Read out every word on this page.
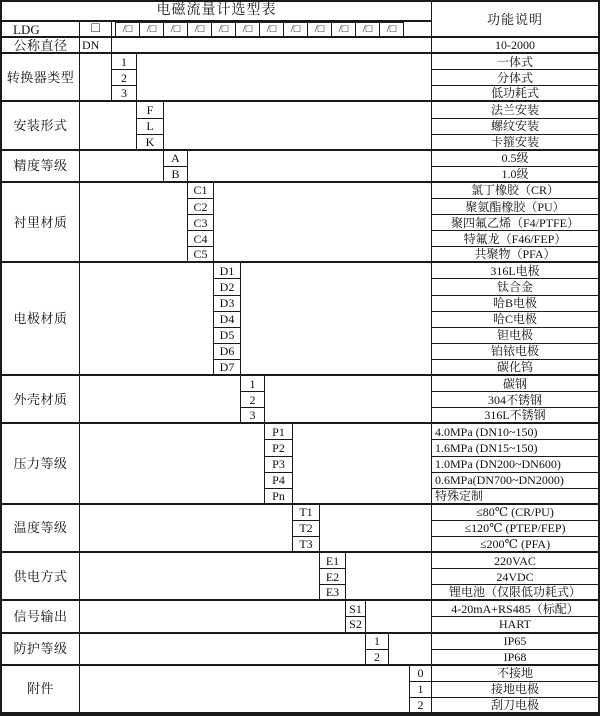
电磁流量计选型表
功能说明
LDG	□	/□	/□	/□	/□	/□	/□	/□	/□	/□	/□	/□	/□
公称直径	DN	10-2000
转换器类型
1	一体式
2	分体式
3	低功耗式
安装形式
F	法兰安装
L	螺纹安装
K	卡箍安装
精度等级
A	0.5级
B	1.0级
衬里材质
C1	氯丁橡胶（CR）
C2	聚氨酯橡胶（PU）
C3	聚四氟乙烯（F4/PTFE）
C4	特氟龙（F46/FEP）
C5	共聚物（PFA）
电极材质
D1	316L电极
D2	钛合金
D3	哈B电极
D4	哈C电极
D5	钽电极
D6	铂铱电极
D7	碳化钨
外壳材质
1	碳钢
2	304不锈钢
3	316L不锈钢
压力等级
P1	4.0MPa (DN10~150)
P2	1.6MPa (DN15~150)
P3	1.0MPa (DN200~DN600)
P4	0.6MPa(DN700~DN2000)
Pn	特殊定制
温度等级
T1	≤80℃ (CR/PU)
T2	≤120℃ (PTEP/FEP)
T3	≤200℃ (PFA)
供电方式
E1	220VAC
E2	24VDC
E3	锂电池（仅限低功耗式）
信号输出
S1	4-20mA+RS485（标配）
S2	HART
防护等级
1	IP65
2	IP68
附件
0	不接地
1	接地电极
2	刮刀电极
